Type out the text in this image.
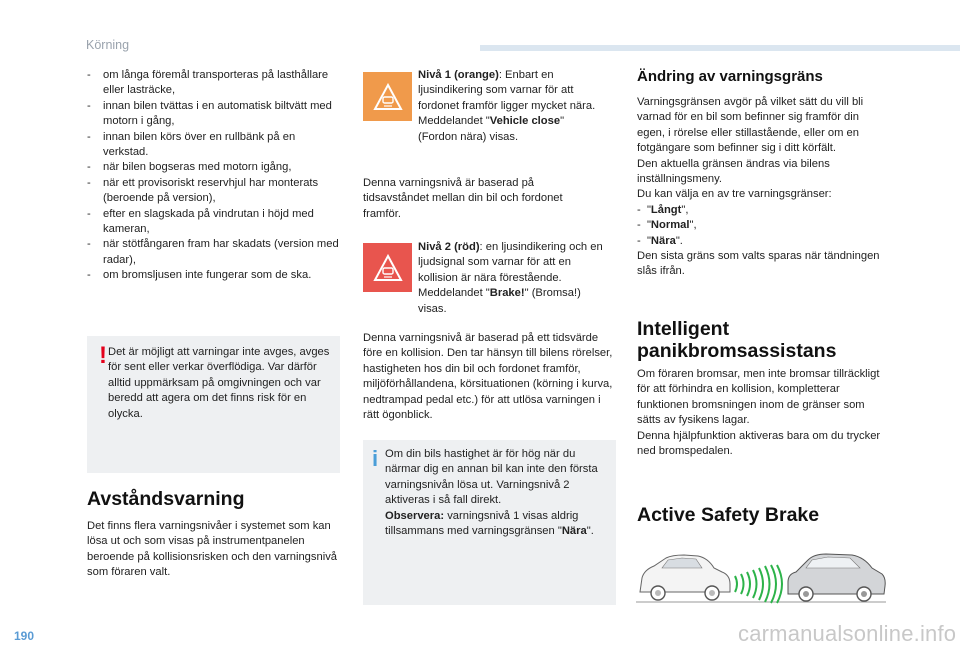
Körning
- om långa föremål transporteras på lasthållare eller lasträcke,
- innan bilen tvättas i en automatisk biltvätt med motorn i gång,
- innan bilen körs över en rullbänk på en verkstad.
- när bilen bogseras med motorn igång,
- när ett provisoriskt reservhjul har monterats (beroende på version),
- efter en slagskada på vindrutan i höjd med kameran,
- när stötfångaren fram har skadats (version med radar),
- om bromsljusen inte fungerar som de ska.
! Det är möjligt att varningar inte avges, avges för sent eller verkar överflödiga. Var därför alltid uppmärksam på omgivningen och var beredd att agera om det finns risk för en olycka.

Avståndsvarning

Det finns flera varningsnivåer i systemet som kan lösa ut och som visas på instrumentpanelen beroende på kollisionsrisken och den varningsnivå som föraren valt.

Nivå 1 (orange): Enbart en ljusindikering som varnar för att fordonet framför ligger mycket nära. Meddelandet "Vehicle close" (Fordon nära) visas.

Denna varningsnivå är baserad på tidsavståndet mellan din bil och fordonet framför.

Nivå 2 (röd): en ljusindikering och en ljudsignal som varnar för att en kollision är nära förestående. Meddelandet "Brake!" (Bromsa!) visas.

Denna varningsnivå är baserad på ett tidsvärde före en kollision. Den tar hänsyn till bilens rörelser, hastigheten hos din bil och fordonet framför, miljöförhållandena, körsituationen (körning i kurva, nedtrampad pedal etc.) för att utlösa varningen i rätt ögonblick.

i Om din bils hastighet är för hög när du närmar dig en annan bil kan inte den första varningsnivån lösa ut. Varningsnivå 2 aktiveras i så fall direkt.
Observera: varningsnivå 1 visas aldrig tillsammans med varningsgränsen "Nära".

Ändring av varningsgräns

Varningsgränsen avgör på vilket sätt du vill bli varnad för en bil som befinner sig framför din egen, i rörelse eller stillastående, eller om en fotgängare som befinner sig i ditt körfält.

Den aktuella gränsen ändras via bilens inställningsmeny.

Du kan välja en av tre varningsgränser:

-  "Långt",
-  "Normal",
-  "Nära".

Den sista gräns som valts sparas när tändningen slås ifrån.

Intelligent
panikbromsassistans

Om föraren bromsar, men inte bromsar tillräckligt för att förhindra en kollision, kompletterar funktionen bromsningen inom de gränser som sätts av fysikens lagar.

Denna hjälpfunktion aktiveras bara om du trycker ned bromspedalen.

Active Safety Brake
190	carmanualsonline.info
